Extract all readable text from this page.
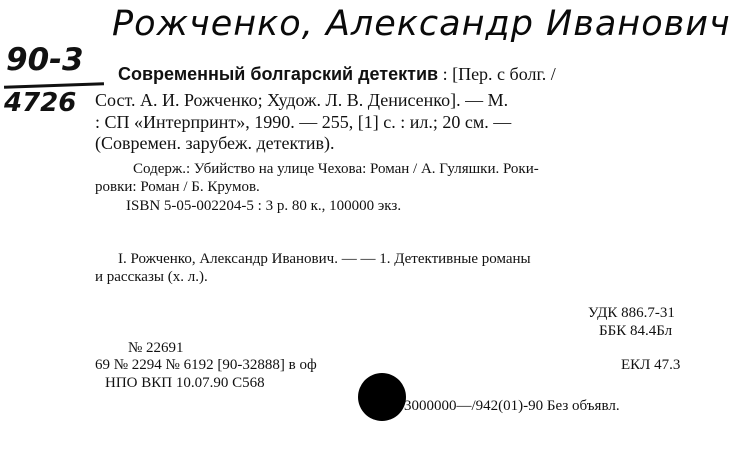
Рожченко, Александр Иванович
90-3
4726
Современный болгарский детектив : [Пер. с болг. /
Сост. А. И. Рожченко; Худож. Л. В. Денисенко]. — М.
: СП «Интерпринт», 1990. — 255, [1] с. : ил.; 20 см. —
(Современ. зарубеж. детектив).
Содерж.: Убийство на улице Чехова: Роман / А. Гуляшки. Роки-
ровки: Роман / Б. Крумов.
ISBN 5-05-002204-5 : 3 р. 80 к., 100000 экз.
I. Рожченко, Александр Иванович. — — 1. Детективные романы
и рассказы (х. л.).
УДК 886.7-31
ББК 84.4Бл
№ 22691
69 № 2294 № 6192 [90-32888] в оф	ЕКЛ 47.3
НПО ВКП 10.07.90 С568
3000000—/942(01)-90 Без объявл.
